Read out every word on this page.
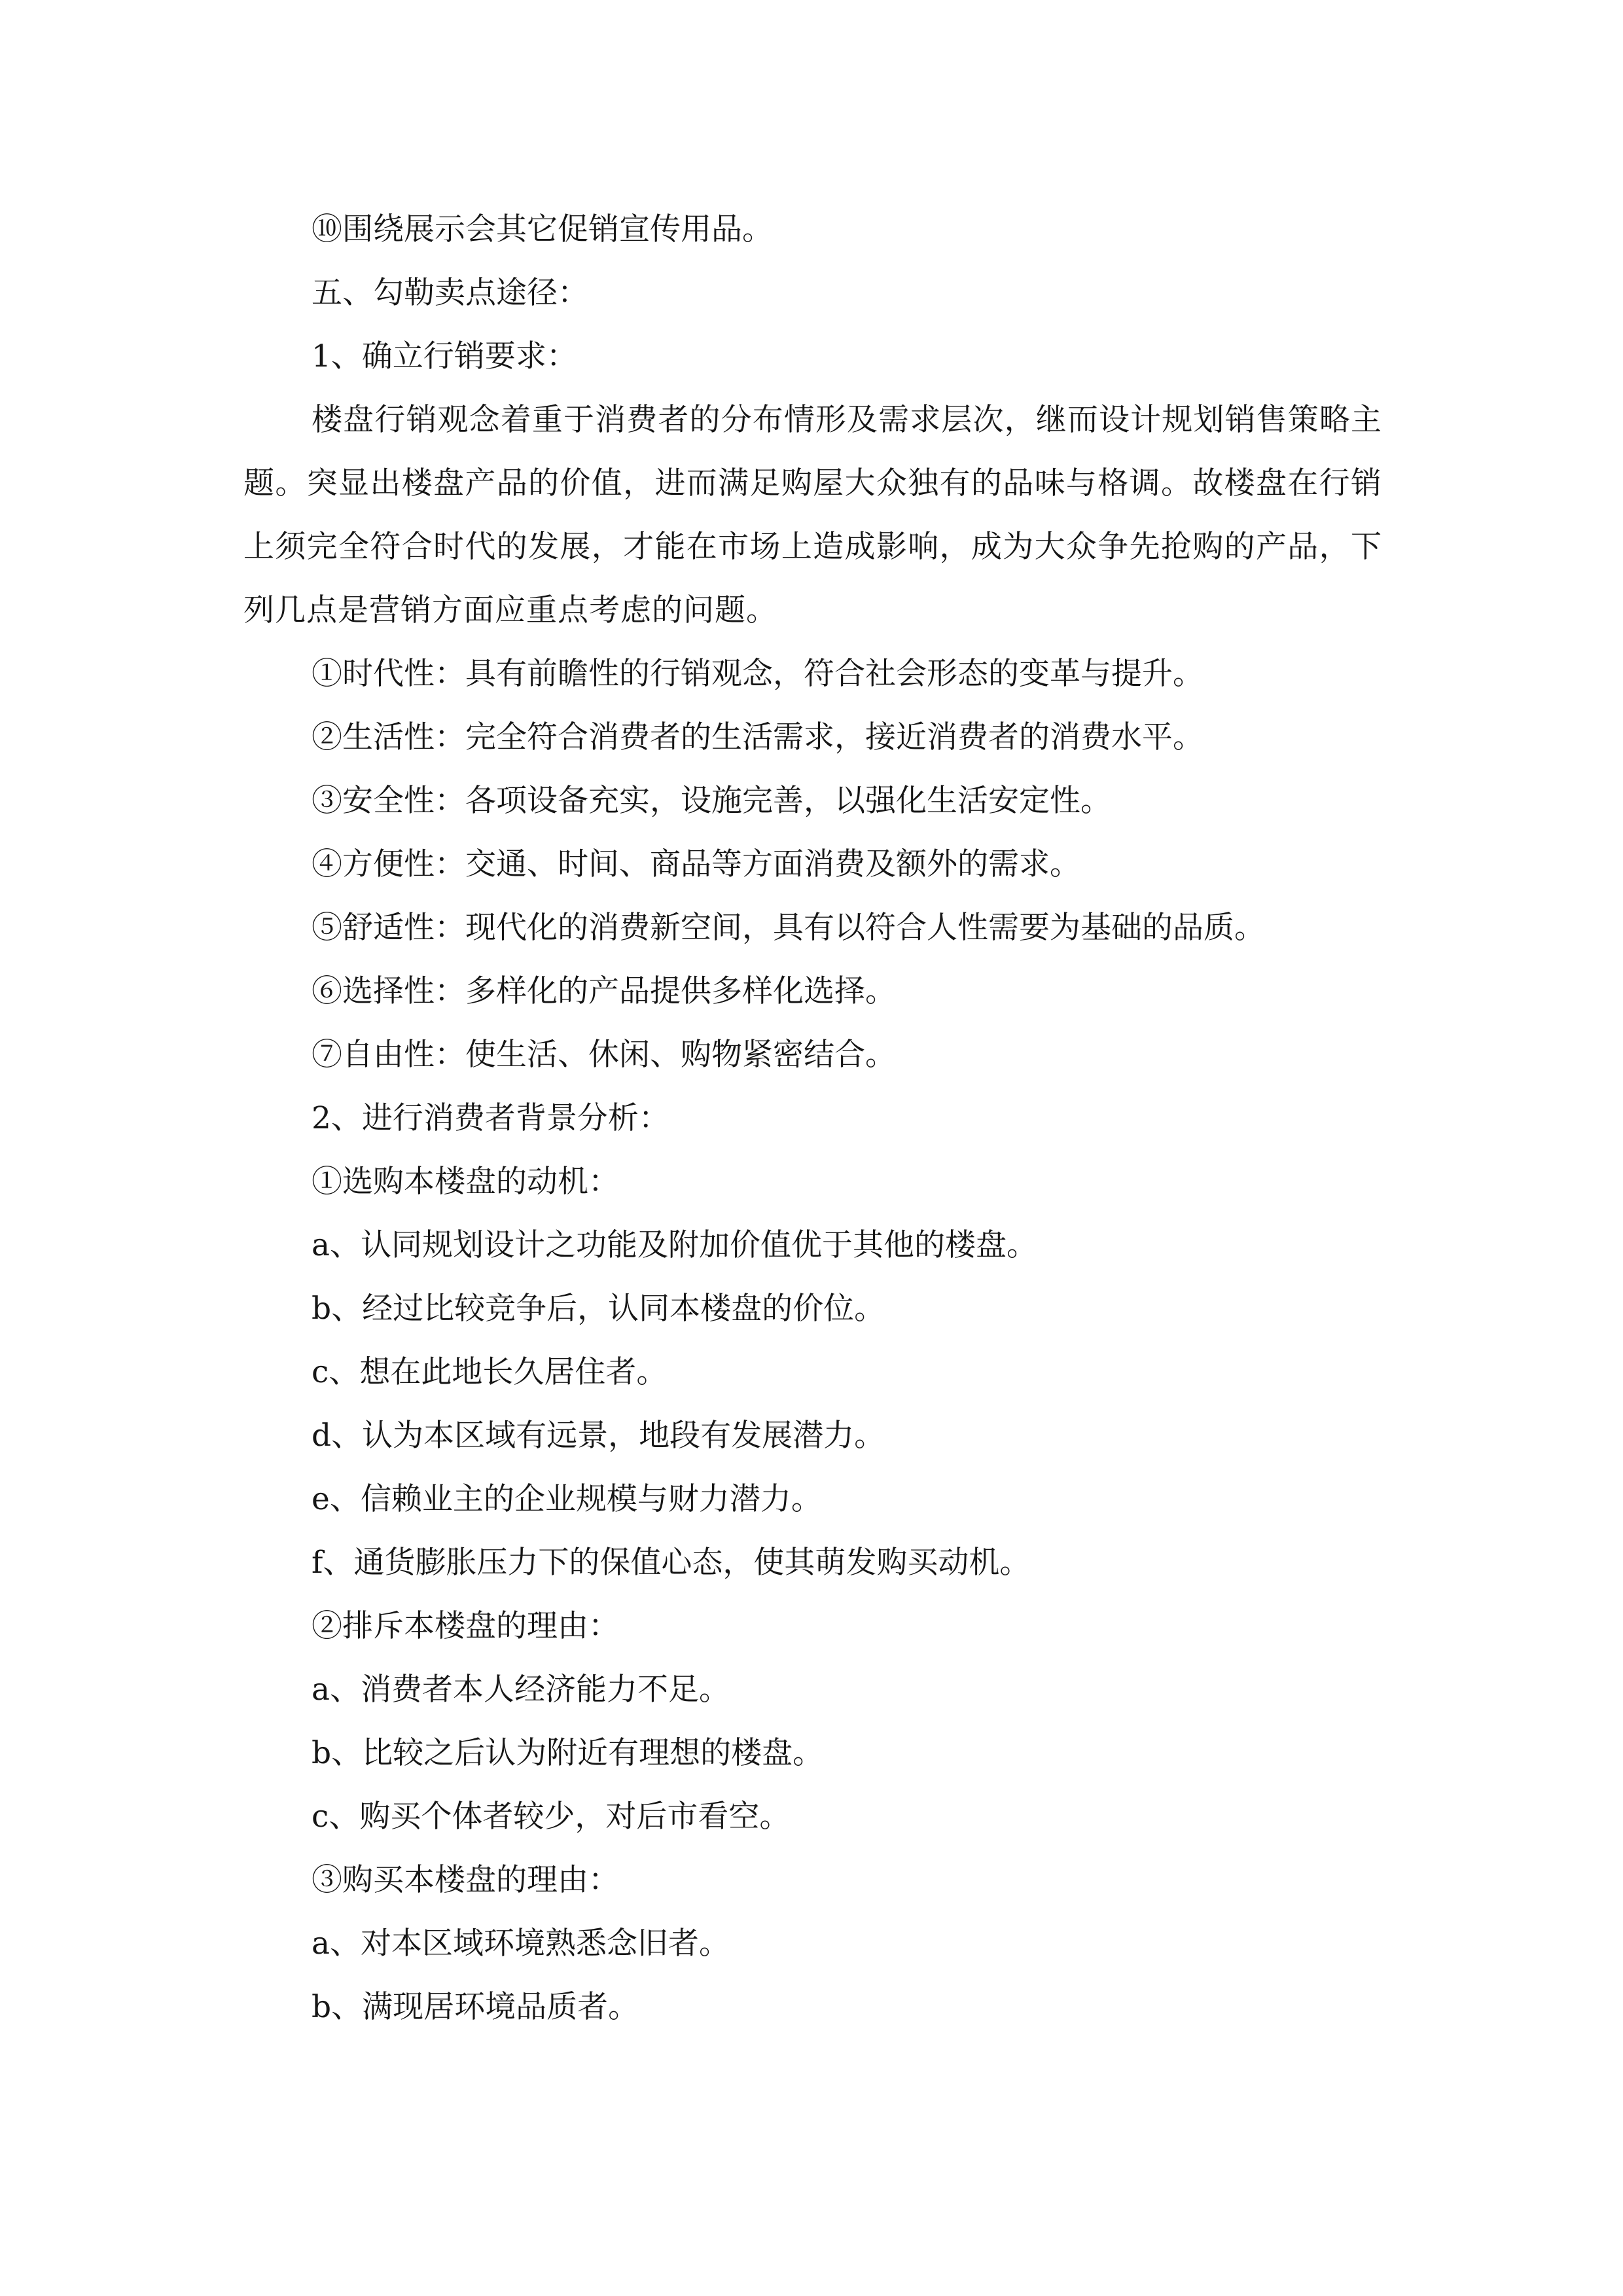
⑩围绕展示会其它促销宣传用品。

五、勾勒卖点途径：

1、确立行销要求：

楼盘行销观念着重于消费者的分布情形及需求层次，继而设计规划销售策略主题。突显出楼盘产品的价值，进而满足购屋大众独有的品味与格调。故楼盘在行销上须完全符合时代的发展，才能在市场上造成影响，成为大众争先抢购的产品，下列几点是营销方面应重点考虑的问题。

①时代性：具有前瞻性的行销观念，符合社会形态的变革与提升。

②生活性：完全符合消费者的生活需求，接近消费者的消费水平。

③安全性：各项设备充实，设施完善，以强化生活安定性。

④方便性：交通、时间、商品等方面消费及额外的需求。

⑤舒适性：现代化的消费新空间，具有以符合人性需要为基础的品质。

⑥选择性：多样化的产品提供多样化选择。

⑦自由性：使生活、休闲、购物紧密结合。

2、进行消费者背景分析：

①选购本楼盘的动机：

a、认同规划设计之功能及附加价值优于其他的楼盘。

b、经过比较竞争后，认同本楼盘的价位。

c、想在此地长久居住者。

d、认为本区域有远景，地段有发展潜力。

e、信赖业主的企业规模与财力潜力。

f、通货膨胀压力下的保值心态，使其萌发购买动机。

②排斥本楼盘的理由：

a、消费者本人经济能力不足。

b、比较之后认为附近有理想的楼盘。

c、购买个体者较少，对后市看空。

③购买本楼盘的理由：

a、对本区域环境熟悉念旧者。

b、满现居环境品质者。
